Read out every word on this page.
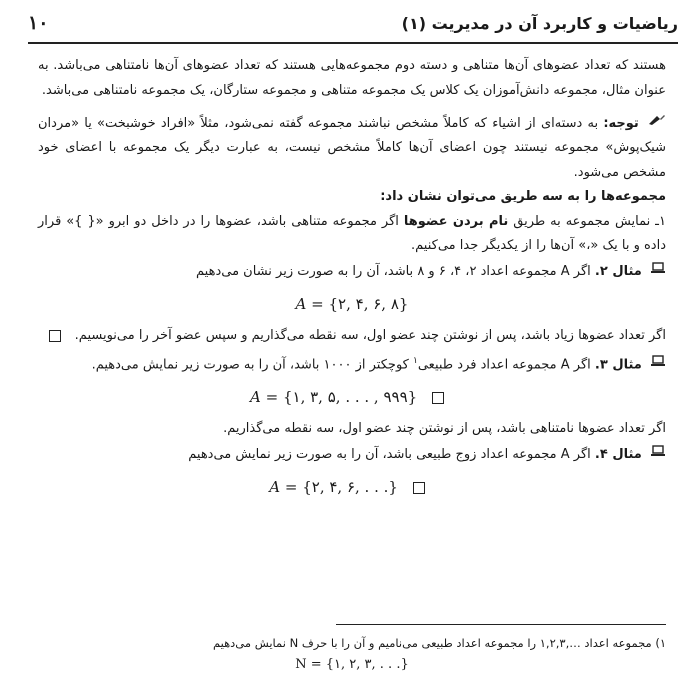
۱۰	ریاضیات و کاربرد آن در مدیریت (۱)

هستند که تعداد عضوهای آن‌ها متناهی و دسته دوم مجموعه‌هایی هستند که تعداد عضوهای آن‌ها نامتناهی می‌باشد. به عنوان مثال، مجموعه دانش‌آموزان یک کلاس یک مجموعه متناهی و مجموعه ستارگان، یک مجموعه نامتناهی می‌باشد.

توجه: به دسته‌ای از اشیاء که کاملاً مشخص نباشند مجموعه گفته نمی‌شود، مثلاً «افراد خوشبخت» یا «مردان شیک‌پوش» مجموعه نیستند چون اعضای آن‌ها کاملاً مشخص نیست، به عبارت دیگر یک مجموعه با اعضای خود مشخص می‌شود.

مجموعه‌ها را به سه طریق می‌توان نشان داد:

۱ـ نمایش مجموعه به طریق نام بردن عضوها اگر مجموعه متناهی باشد، عضوها را در داخل دو ابرو «{ }» قرار داده و با یک «،» آن‌ها را از یکدیگر جدا می‌کنیم.

مثال ۲. اگر A مجموعه اعداد ۲، ۴، ۶ و ۸ باشد، آن را به صورت زیر نشان می‌دهیم

A = {۲, ۴, ۶, ۸}

اگر تعداد عضوها زیاد باشد، پس از نوشتن چند عضو اول، سه نقطه می‌گذاریم و سپس عضو آخر را می‌نویسیم.

مثال ۳. اگر A مجموعه اعداد فرد طبیعی$^۱$ کوچکتر از ۱۰۰۰ باشد، آن را به صورت زیر نمایش می‌دهیم.

A = {۱, ۳, ۵, . . . , ۹۹۹}

اگر تعداد عضوها نامتناهی باشد، پس از نوشتن چند عضو اول، سه نقطه می‌گذاریم.

مثال ۴. اگر A مجموعه اعداد زوج طبیعی باشد، آن را به صورت زیر نمایش می‌دهیم

A = {۲, ۴, ۶, . . .}
۱) مجموعه اعداد …,۱,۲,۳ را مجموعه اعداد طبیعی می‌نامیم و آن را با حرف N نمایش می‌دهیم
N = {۱, ۲, ۳, . . .}
